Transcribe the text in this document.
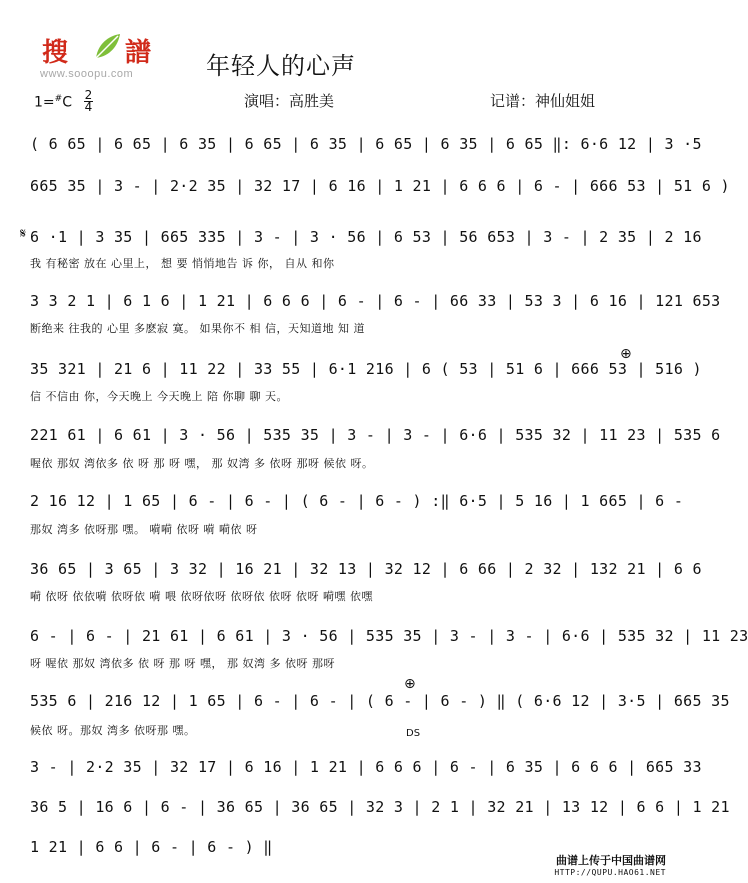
搜 譜
www.sooopu.com	年轻人的心声
1=#C 2
4	演唱：高胜美	记谱：神仙姐姐
( 6 65 | 6 65 | 6 35 | 6 65 | 6 35 | 6 65 | 6 35 | 6 65 ‖: 6·6 12 | 3 ·5
665 35 | 3 - | 2·2 35 | 32 17 | 6 16 | 1 21 | 6 6 6 | 6 - | 666 53 | 51 6 )
𝄋 6 ·1 | 3 35 | 665 335 | 3 - | 3 · 56 | 6 53 | 56 653 | 3 - | 2 35 | 2 16
我 有秘密 放在 心里上， 想 要 悄悄地告 诉 你， 自从 和你
3 3 2 1 | 6 1 6 | 1 21 | 6 6 6 | 6 - | 6 - | 66 33 | 53 3 | 6 16 | 121 653
断绝来 往我的 心里 多麽寂 寞。 如果你不 相 信，天知道地 知 道
⊕
35 321 | 21 6 | 11 22 | 33 55 | 6·1 216 | 6 ( 53 | 51 6 | 666 53 | 516 )
信 不信由 你，今天晚上 今天晚上 陪 你聊 聊 天。
221 61 | 6 61 | 3 · 56 | 535 35 | 3 - | 3 - | 6·6 | 535 32 | 11 23 | 535 6
喔依 那奴 湾依多 依 呀 那 呀 嘿， 那 奴湾 多 依呀 那呀 候依 呀。
2 16 12 | 1 65 | 6 - | 6 - | ( 6 - | 6 - ) :‖ 6·5 | 5 16 | 1 665 | 6 -
那奴 湾多 依呀那 嘿。 嗬嗬 依呀 嗬 嗬依 呀
36 65 | 3 65 | 3 32 | 16 21 | 32 13 | 32 12 | 6 66 | 2 32 | 132 21 | 6 6
嗬 依呀 依依嗬 依呀依 嗬 喂 依呀依呀 依呀依 依呀 依呀 嗬嘿 依嘿
6 - | 6 - | 21 61 | 6 61 | 3 · 56 | 535 35 | 3 - | 3 - | 6·6 | 535 32 | 11 23
呀 喔依 那奴 湾依多 依 呀 那 呀 嘿， 那 奴湾 多 依呀 那呀
⊕
535 6 | 216 12 | 1 65 | 6 - | 6 - | ( 6 - | 6 - ) ‖ ( 6·6 12 | 3·5 | 665 35
候依 呀。那奴 湾多 依呀那 嘿。	DS
3 - | 2·2 35 | 32 17 | 6 16 | 1 21 | 6 6 6 | 6 - | 6 35 | 6 6 6 | 665 33
36 5 | 16 6 | 6 - | 36 65 | 36 65 | 32 3 | 2 1 | 32 21 | 13 12 | 6 6 | 1 21
1 21 | 6 6 | 6 - | 6 - ) ‖
曲谱上传于中国曲谱网
HTTP://QUPU.HAO61.NET
